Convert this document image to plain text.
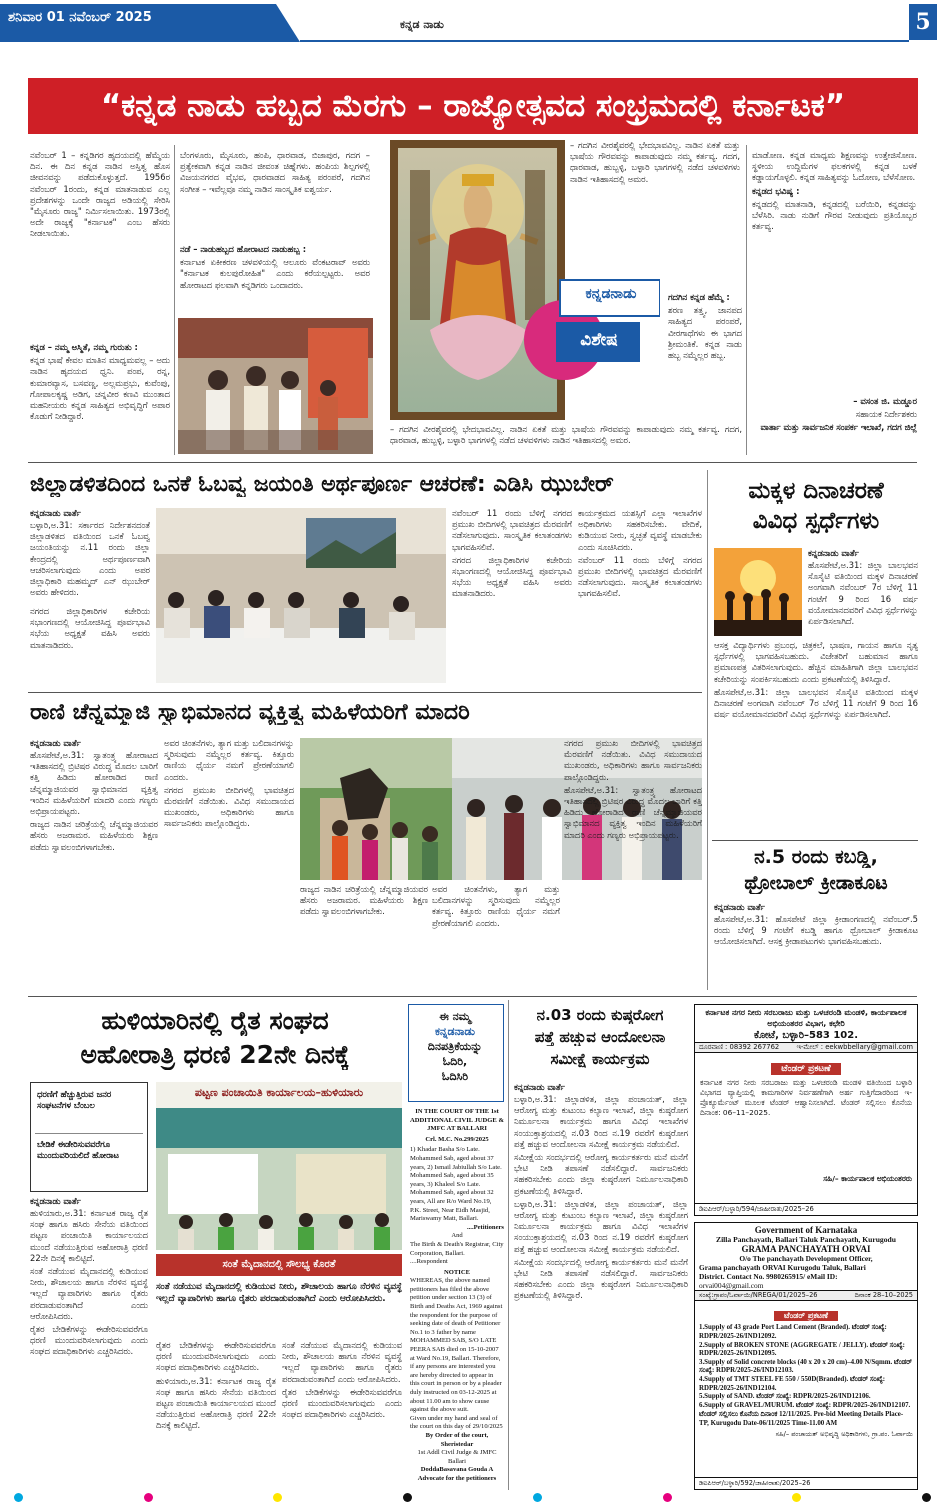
ಶನಿವಾರ 01 ನವೆಂಬರ್ 2025	ಕನ್ನಡ ನಾಡು	5
“ಕನ್ನಡ ನಾಡು ಹಬ್ಬದ ಮೆರಗು – ರಾಜ್ಯೋತ್ಸವದ ಸಂಭ್ರಮದಲ್ಲಿ ಕರ್ನಾಟಕ”

ನವೆಂಬರ್ 1 – ಕನ್ನಡಿಗರ ಹೃದಯದಲ್ಲಿ ಹೆಮ್ಮೆಯ ದಿನ. ಈ ದಿನ ಕನ್ನಡ ನಾಡಿನ ಅಸ್ತಿತ್ವ ಹೊಸ ಜೀವನವನ್ನು ಪಡೆದುಕೊಳ್ಳುತ್ತದೆ. 1956ರ ನವೆಂಬರ್ 1ರಂದು, ಕನ್ನಡ ಮಾತನಾಡುವ ಎಲ್ಲ ಪ್ರದೇಶಗಳನ್ನು ಒಂದೇ ರಾಜ್ಯದ ಅಡಿಯಲ್ಲಿ ಸೇರಿಸಿ "ಮೈಸೂರು ರಾಜ್ಯ" ನಿರ್ಮಿಸಲಾಯಿತು. 1973ರಲ್ಲಿ ಅದೇ ರಾಜ್ಯಕ್ಕೆ "ಕರ್ನಾಟಕ" ಎಂಬ ಹೆಸರು ನೀಡಲಾಯಿತು.

ಕನ್ನಡ – ನಮ್ಮ ಅಸ್ಮಿತೆ, ನಮ್ಮ ಗುರುತು :

ಕನ್ನಡ ಭಾಷೆ ಕೇವಲ ಮಾತಿನ ಮಾಧ್ಯಮವಲ್ಲ – ಅದು ನಾಡಿನ ಹೃದಯದ ಧ್ವನಿ. ಪಂಪ, ರನ್ನ, ಕುಮಾರವ್ಯಾಸ, ಬಸವಣ್ಣ, ಅಲ್ಲಮಪ್ರಭು, ಕುವೆಂಪು, ಗೋಪಾಲಕೃಷ್ಣ ಅಡಿಗ, ಚನ್ನವೀರ ಕಣವಿ ಮುಂತಾದ ಮಹನೀಯರು ಕನ್ನಡ ಸಾಹಿತ್ಯದ ಅಭಿವೃದ್ಧಿಗೆ ಅಪಾರ ಕೊಡುಗೆ ನೀಡಿದ್ದಾರೆ.

ಬೆಂಗಳೂರು, ಮೈಸೂರು, ಹಂಪಿ, ಧಾರವಾಡ, ಬಿಜಾಪುರ, ಗದಗ – ಪ್ರತ್ಯೇಕವಾಗಿ ಕನ್ನಡ ನಾಡಿನ ಜೀವಂತ ಚಿಹ್ನೆಗಳು. ಹಂಪಿಯ ಶಿಲ್ಪಗಳಲ್ಲಿ ವಿಜಯನಗರದ ವೈಭವ, ಧಾರವಾಡದ ಸಾಹಿತ್ಯ ಪರಂಪರೆ, ಗದಗಿನ ಸಂಗೀತ – ಇವೆಲ್ಲವೂ ನಮ್ಮ ನಾಡಿನ ಸಾಂಸ್ಕೃತಿಕ ಐಶ್ವರ್ಯ.

ನಡೆ – ನಾಡುಹಬ್ಬದ ಹೋರಾಟದ ನಾಡುಹಬ್ಬ :

ಕರ್ನಾಟಕ ಏಕೀಕರಣ ಚಳವಳಿಯಲ್ಲಿ ಆಲೂರು ವೆಂಕಟರಾವ್ ಅವರು "ಕರ್ನಾಟಕ ಕುಲಪುರೋಹಿತ" ಎಂದು ಕರೆಯಲ್ಪಟ್ಟರು. ಅವರ ಹೋರಾಟದ ಫಲವಾಗಿ ಕನ್ನಡಿಗರು ಒಂದಾದರು.

ಕನ್ನಡನಾಡು
ವಿಶೇಷ

– ಗದಗಿನ ವೀರಶೈವರಲ್ಲಿ ಭೇದಭಾವವಿಲ್ಲ. ನಾಡಿನ ಏಕತೆ ಮತ್ತು ಭಾಷೆಯ ಗೌರವವನ್ನು ಕಾಪಾಡುವುದು ನಮ್ಮ ಕರ್ತವ್ಯ. ಗದಗ, ಧಾರವಾಡ, ಹುಬ್ಬಳ್ಳಿ, ಬಳ್ಳಾರಿ ಭಾಗಗಳಲ್ಲಿ ನಡೆದ ಚಳವಳಿಗಳು ನಾಡಿನ ಇತಿಹಾಸದಲ್ಲಿ ಅಮರ.

ಗದಗಿನ ಕನ್ನಡ ಹೆಮ್ಮೆ :

ಶರಣ ತತ್ತ್ವ, ಜಾನಪದ ಸಾಹಿತ್ಯದ ಪರಂಪರೆ, ವೀರಗಾಥೆಗಳು ಈ ಭಾಗದ ಶ್ರೀಮಂತಿಕೆ. ಕನ್ನಡ ನಾಡು ಹಬ್ಬ ನಮ್ಮೆಲ್ಲರ ಹಬ್ಬ.

– ಗದಗಿನ ವೀರಶೈವರಲ್ಲಿ ಭೇದಭಾವವಿಲ್ಲ. ನಾಡಿನ ಏಕತೆ ಮತ್ತು ಭಾಷೆಯ ಗೌರವವನ್ನು ಕಾಪಾಡುವುದು ನಮ್ಮ ಕರ್ತವ್ಯ. ಗದಗ, ಧಾರವಾಡ, ಹುಬ್ಬಳ್ಳಿ, ಬಳ್ಳಾರಿ ಭಾಗಗಳಲ್ಲಿ ನಡೆದ ಚಳವಳಿಗಳು ನಾಡಿನ ಇತಿಹಾಸದಲ್ಲಿ ಅಮರ.

ಮಾಡೋಣ. ಕನ್ನಡ ಮಾಧ್ಯಮ ಶಿಕ್ಷಣವನ್ನು ಉತ್ತೇಜಿಸೋಣ. ಸ್ಥಳೀಯ ಉದ್ದಿಮೆಗಳ ಫಲಕಗಳಲ್ಲಿ ಕನ್ನಡ ಬಳಕೆ ಕಡ್ಡಾಯಗೊಳ್ಳಲಿ. ಕನ್ನಡ ಸಾಹಿತ್ಯವನ್ನು ಓದೋಣ, ಬೆಳೆಸೋಣ.

ಕನ್ನಡದ ಭವಿಷ್ಯ :

ಕನ್ನಡದಲ್ಲಿ ಮಾತನಾಡಿ, ಕನ್ನಡದಲ್ಲಿ ಬರೆಯಿರಿ, ಕನ್ನಡವನ್ನು ಬೆಳೆಸಿರಿ. ನಾಡು ನುಡಿಗೆ ಗೌರವ ನೀಡುವುದು ಪ್ರತಿಯೊಬ್ಬರ ಕರ್ತವ್ಯ.

– ವಸಂತ ಜಿ. ಮಡ್ಡೂರ

ಸಹಾಯಕ ನಿರ್ದೇಶಕರು

ವಾರ್ತಾ ಮತ್ತು ಸಾರ್ವಜನಿಕ ಸಂಪರ್ಕ ಇಲಾಖೆ, ಗದಗ ಜಿಲ್ಲೆ

ಜಿಲ್ಲಾಡಳಿತದಿಂದ ಒನಕೆ ಓಬವ್ವ ಜಯಂತಿ ಅರ್ಥಪೂರ್ಣ ಆಚರಣೆ: ಎಡಿಸಿ ಝುಬೇರ್
ಕನ್ನಡನಾಡು ವಾರ್ತೆ

ಬಳ್ಳಾರಿ,ಅ.31: ಸರ್ಕಾರದ ನಿರ್ದೇಶನದಂತೆ ಜಿಲ್ಲಾಡಳಿತದ ವತಿಯಿಂದ ಒನಕೆ ಓಬವ್ವ ಜಯಂತಿಯನ್ನು ನ.11 ರಂದು ಜಿಲ್ಲಾ ಕೇಂದ್ರದಲ್ಲಿ ಅರ್ಥಪೂರ್ಣವಾಗಿ ಆಚರಿಸಲಾಗುವುದು ಎಂದು ಅಪರ ಜಿಲ್ಲಾಧಿಕಾರಿ ಮಹಮ್ಮದ್ ಎನ್ ಝುಬೇರ್ ಅವರು ಹೇಳಿದರು.

ನಗರದ ಜಿಲ್ಲಾಧಿಕಾರಿಗಳ ಕಚೇರಿಯ ಸಭಾಂಗಣದಲ್ಲಿ ಆಯೋಜಿಸಿದ್ದ ಪೂರ್ವಭಾವಿ ಸಭೆಯ ಅಧ್ಯಕ್ಷತೆ ವಹಿಸಿ ಅವರು ಮಾತನಾಡಿದರು.

ನವೆಂಬರ್ 11 ರಂದು ಬೆಳಿಗ್ಗೆ ನಗರದ ಪ್ರಮುಖ ಬೀದಿಗಳಲ್ಲಿ ಭಾವಚಿತ್ರದ ಮೆರವಣಿಗೆ ನಡೆಸಲಾಗುವುದು. ಸಾಂಸ್ಕೃತಿಕ ಕಲಾತಂಡಗಳು ಭಾಗವಹಿಸಲಿವೆ.

ನಗರದ ಜಿಲ್ಲಾಧಿಕಾರಿಗಳ ಕಚೇರಿಯ ಸಭಾಂಗಣದಲ್ಲಿ ಆಯೋಜಿಸಿದ್ದ ಪೂರ್ವಭಾವಿ ಸಭೆಯ ಅಧ್ಯಕ್ಷತೆ ವಹಿಸಿ ಅವರು ಮಾತನಾಡಿದರು.

ಕಾರ್ಯಕ್ರಮದ ಯಶಸ್ಸಿಗೆ ಎಲ್ಲಾ ಇಲಾಖೆಗಳ ಅಧಿಕಾರಿಗಳು ಸಹಕರಿಸಬೇಕು. ವೇದಿಕೆ, ಕುಡಿಯುವ ನೀರು, ಸ್ವಚ್ಛತೆ ವ್ಯವಸ್ಥೆ ಮಾಡಬೇಕು ಎಂದು ಸೂಚಿಸಿದರು.

ನವೆಂಬರ್ 11 ರಂದು ಬೆಳಿಗ್ಗೆ ನಗರದ ಪ್ರಮುಖ ಬೀದಿಗಳಲ್ಲಿ ಭಾವಚಿತ್ರದ ಮೆರವಣಿಗೆ ನಡೆಸಲಾಗುವುದು. ಸಾಂಸ್ಕೃತಿಕ ಕಲಾತಂಡಗಳು ಭಾಗವಹಿಸಲಿವೆ.

ಮಕ್ಕಳ ದಿನಾಚರಣೆ
ವಿವಿಧ ಸ್ಪರ್ಧೆಗಳು
ಕನ್ನಡನಾಡು ವಾರ್ತೆ

ಹೊಸಪೇಟೆ,ಅ.31: ಜಿಲ್ಲಾ ಬಾಲಭವನ ಸೊಸೈಟಿ ವತಿಯಿಂದ ಮಕ್ಕಳ ದಿನಾಚರಣೆ ಅಂಗವಾಗಿ ನವೆಂಬರ್ 7ರ ಬೆಳಿಗ್ಗೆ 11 ಗಂಟೆಗೆ 9 ರಿಂದ 16 ವರ್ಷ ವಯೋಮಾನದವರಿಗೆ ವಿವಿಧ ಸ್ಪರ್ಧೆಗಳನ್ನು ಏರ್ಪಡಿಸಲಾಗಿದೆ.

ಆಸಕ್ತ ವಿದ್ಯಾರ್ಥಿಗಳು ಪ್ರಬಂಧ, ಚಿತ್ರಕಲೆ, ಭಾಷಣ, ಗಾಯನ ಹಾಗೂ ನೃತ್ಯ ಸ್ಪರ್ಧೆಗಳಲ್ಲಿ ಭಾಗವಹಿಸಬಹುದು. ವಿಜೇತರಿಗೆ ಬಹುಮಾನ ಹಾಗೂ ಪ್ರಮಾಣಪತ್ರ ವಿತರಿಸಲಾಗುವುದು. ಹೆಚ್ಚಿನ ಮಾಹಿತಿಗಾಗಿ ಜಿಲ್ಲಾ ಬಾಲಭವನ ಕಚೇರಿಯನ್ನು ಸಂಪರ್ಕಿಸಬಹುದು ಎಂದು ಪ್ರಕಟಣೆಯಲ್ಲಿ ತಿಳಿಸಿದ್ದಾರೆ.

ಹೊಸಪೇಟೆ,ಅ.31: ಜಿಲ್ಲಾ ಬಾಲಭವನ ಸೊಸೈಟಿ ವತಿಯಿಂದ ಮಕ್ಕಳ ದಿನಾಚರಣೆ ಅಂಗವಾಗಿ ನವೆಂಬರ್ 7ರ ಬೆಳಿಗ್ಗೆ 11 ಗಂಟೆಗೆ 9 ರಿಂದ 16 ವರ್ಷ ವಯೋಮಾನದವರಿಗೆ ವಿವಿಧ ಸ್ಪರ್ಧೆಗಳನ್ನು ಏರ್ಪಡಿಸಲಾಗಿದೆ.

ನ.5 ರಂದು ಕಬಡ್ಡಿ,
ಥ್ರೋಬಾಲ್ ಕ್ರೀಡಾಕೂಟ
ಕನ್ನಡನಾಡು ವಾರ್ತೆ

ಹೊಸಪೇಟೆ,ಅ.31: ಹೊಸಪೇಟೆ ಜಿಲ್ಲಾ ಕ್ರೀಡಾಂಗಣದಲ್ಲಿ ನವೆಂಬರ್.5 ರಂದು ಬೆಳಿಗ್ಗೆ 9 ಗಂಟೆಗೆ ಕಬಡ್ಡಿ ಹಾಗೂ ಥ್ರೋಬಾಲ್ ಕ್ರೀಡಾಕೂಟ ಆಯೋಜಿಸಲಾಗಿದೆ. ಆಸಕ್ತ ಕ್ರೀಡಾಪಟುಗಳು ಭಾಗವಹಿಸಬಹುದು.

ರಾಣಿ ಚೆನ್ನಮ್ಮಾಜಿ ಸ್ವಾಭಿಮಾನದ ವ್ಯಕ್ತಿತ್ವ ಮಹಿಳೆಯರಿಗೆ ಮಾದರಿ
ಕನ್ನಡನಾಡು ವಾರ್ತೆ

ಹೊಸಪೇಟೆ,ಅ.31: ಸ್ವಾತಂತ್ರ್ಯ ಹೋರಾಟದ ಇತಿಹಾಸದಲ್ಲಿ ಬ್ರಿಟಿಷರ ವಿರುದ್ಧ ಮೊದಲ ಬಾರಿಗೆ ಕತ್ತಿ ಹಿಡಿದು ಹೋರಾಡಿದ ರಾಣಿ ಚೆನ್ನಮ್ಮಾಜಿಯವರ ಸ್ವಾಭಿಮಾನದ ವ್ಯಕ್ತಿತ್ವ ಇಂದಿನ ಮಹಿಳೆಯರಿಗೆ ಮಾದರಿ ಎಂದು ಗಣ್ಯರು ಅಭಿಪ್ರಾಯಪಟ್ಟರು.

ರಾಜ್ಯದ ನಾಡಿನ ಚರಿತ್ರೆಯಲ್ಲಿ ಚೆನ್ನಮ್ಮಾಜಿಯವರ ಹೆಸರು ಅಜರಾಮರ. ಮಹಿಳೆಯರು ಶಿಕ್ಷಣ ಪಡೆದು ಸ್ವಾವಲಂಬಿಗಳಾಗಬೇಕು.

ಅವರ ಚಿಂತನೆಗಳು, ತ್ಯಾಗ ಮತ್ತು ಬಲಿದಾನಗಳನ್ನು ಸ್ಮರಿಸುವುದು ನಮ್ಮೆಲ್ಲರ ಕರ್ತವ್ಯ. ಕಿತ್ತೂರು ರಾಣಿಯ ಧೈರ್ಯ ನಮಗೆ ಪ್ರೇರಣೆಯಾಗಲಿ ಎಂದರು.

ನಗರದ ಪ್ರಮುಖ ಬೀದಿಗಳಲ್ಲಿ ಭಾವಚಿತ್ರದ ಮೆರವಣಿಗೆ ನಡೆಯಿತು. ವಿವಿಧ ಸಮುದಾಯದ ಮುಖಂಡರು, ಅಧಿಕಾರಿಗಳು ಹಾಗೂ ಸಾರ್ವಜನಿಕರು ಪಾಲ್ಗೊಂಡಿದ್ದರು.

ರಾಜ್ಯದ ನಾಡಿನ ಚರಿತ್ರೆಯಲ್ಲಿ ಚೆನ್ನಮ್ಮಾಜಿಯವರ ಹೆಸರು ಅಜರಾಮರ. ಮಹಿಳೆಯರು ಶಿಕ್ಷಣ ಪಡೆದು ಸ್ವಾವಲಂಬಿಗಳಾಗಬೇಕು.

ಅವರ ಚಿಂತನೆಗಳು, ತ್ಯಾಗ ಮತ್ತು ಬಲಿದಾನಗಳನ್ನು ಸ್ಮರಿಸುವುದು ನಮ್ಮೆಲ್ಲರ ಕರ್ತವ್ಯ. ಕಿತ್ತೂರು ರಾಣಿಯ ಧೈರ್ಯ ನಮಗೆ ಪ್ರೇರಣೆಯಾಗಲಿ ಎಂದರು.

ನಗರದ ಪ್ರಮುಖ ಬೀದಿಗಳಲ್ಲಿ ಭಾವಚಿತ್ರದ ಮೆರವಣಿಗೆ ನಡೆಯಿತು. ವಿವಿಧ ಸಮುದಾಯದ ಮುಖಂಡರು, ಅಧಿಕಾರಿಗಳು ಹಾಗೂ ಸಾರ್ವಜನಿಕರು ಪಾಲ್ಗೊಂಡಿದ್ದರು.

ಹೊಸಪೇಟೆ,ಅ.31: ಸ್ವಾತಂತ್ರ್ಯ ಹೋರಾಟದ ಇತಿಹಾಸದಲ್ಲಿ ಬ್ರಿಟಿಷರ ವಿರುದ್ಧ ಮೊದಲ ಬಾರಿಗೆ ಕತ್ತಿ ಹಿಡಿದು ಹೋರಾಡಿದ ರಾಣಿ ಚೆನ್ನಮ್ಮಾಜಿಯವರ ಸ್ವಾಭಿಮಾನದ ವ್ಯಕ್ತಿತ್ವ ಇಂದಿನ ಮಹಿಳೆಯರಿಗೆ ಮಾದರಿ ಎಂದು ಗಣ್ಯರು ಅಭಿಪ್ರಾಯಪಟ್ಟರು.

ಹುಳಿಯಾರಿನಲ್ಲಿ ರೈತ ಸಂಘದ
ಅಹೋರಾತ್ರಿ ಧರಣಿ 22ನೇ ದಿನಕ್ಕೆ
ಧರಣಿಗೆ ಹೆಚ್ಚುತ್ತಿರುವ ಜನರ ಸಂಘಟನೆಗಳ ಬೆಂಬಲ
ಬೇಡಿಕೆ ಈಡೇರಿಸುವವರೆಗೂ ಮುಂದುವರಿಯಲಿದೆ ಹೋರಾಟ
ಪಟ್ಟಣ ಪಂಚಾಯಿತಿ ಕಾರ್ಯಾಲಯ–ಹುಳಿಯಾರು
ಕನ್ನಡನಾಡು ವಾರ್ತೆ

ಹುಳಿಯಾರು,ಅ.31: ಕರ್ನಾಟಕ ರಾಜ್ಯ ರೈತ ಸಂಘ ಹಾಗೂ ಹಸಿರು ಸೇನೆಯ ವತಿಯಿಂದ ಪಟ್ಟಣ ಪಂಚಾಯಿತಿ ಕಾರ್ಯಾಲಯದ ಮುಂದೆ ನಡೆಯುತ್ತಿರುವ ಅಹೋರಾತ್ರಿ ಧರಣಿ 22ನೇ ದಿನಕ್ಕೆ ಕಾಲಿಟ್ಟಿದೆ.

ಸಂತೆ ನಡೆಯುವ ಮೈದಾನದಲ್ಲಿ ಕುಡಿಯುವ ನೀರು, ಶೌಚಾಲಯ ಹಾಗೂ ನೆರಳಿನ ವ್ಯವಸ್ಥೆ ಇಲ್ಲದೆ ವ್ಯಾಪಾರಿಗಳು ಹಾಗೂ ರೈತರು ಪರದಾಡುವಂತಾಗಿದೆ ಎಂದು ಆರೋಪಿಸಿದರು.

ರೈತರ ಬೇಡಿಕೆಗಳನ್ನು ಈಡೇರಿಸುವವರೆಗೂ ಧರಣಿ ಮುಂದುವರಿಸಲಾಗುವುದು ಎಂದು ಸಂಘದ ಪದಾಧಿಕಾರಿಗಳು ಎಚ್ಚರಿಸಿದರು.

ಸಂತೆ ಮೈದಾನದಲ್ಲಿ ಸೌಲಭ್ಯ ಕೊರತೆ
ಸಂತೆ ನಡೆಯುವ ಮೈದಾನದಲ್ಲಿ ಕುಡಿಯುವ ನೀರು, ಶೌಚಾಲಯ ಹಾಗೂ ನೆರಳಿನ ವ್ಯವಸ್ಥೆ ಇಲ್ಲದೆ ವ್ಯಾಪಾರಿಗಳು ಹಾಗೂ ರೈತರು ಪರದಾಡುವಂತಾಗಿದೆ ಎಂದು ಆರೋಪಿಸಿದರು.

ರೈತರ ಬೇಡಿಕೆಗಳನ್ನು ಈಡೇರಿಸುವವರೆಗೂ ಧರಣಿ ಮುಂದುವರಿಸಲಾಗುವುದು ಎಂದು ಸಂಘದ ಪದಾಧಿಕಾರಿಗಳು ಎಚ್ಚರಿಸಿದರು.

ಹುಳಿಯಾರು,ಅ.31: ಕರ್ನಾಟಕ ರಾಜ್ಯ ರೈತ ಸಂಘ ಹಾಗೂ ಹಸಿರು ಸೇನೆಯ ವತಿಯಿಂದ ಪಟ್ಟಣ ಪಂಚಾಯಿತಿ ಕಾರ್ಯಾಲಯದ ಮುಂದೆ ನಡೆಯುತ್ತಿರುವ ಅಹೋರಾತ್ರಿ ಧರಣಿ 22ನೇ ದಿನಕ್ಕೆ ಕಾಲಿಟ್ಟಿದೆ.

ಸಂತೆ ನಡೆಯುವ ಮೈದಾನದಲ್ಲಿ ಕುಡಿಯುವ ನೀರು, ಶೌಚಾಲಯ ಹಾಗೂ ನೆರಳಿನ ವ್ಯವಸ್ಥೆ ಇಲ್ಲದೆ ವ್ಯಾಪಾರಿಗಳು ಹಾಗೂ ರೈತರು ಪರದಾಡುವಂತಾಗಿದೆ ಎಂದು ಆರೋಪಿಸಿದರು.

ರೈತರ ಬೇಡಿಕೆಗಳನ್ನು ಈಡೇರಿಸುವವರೆಗೂ ಧರಣಿ ಮುಂದುವರಿಸಲಾಗುವುದು ಎಂದು ಸಂಘದ ಪದಾಧಿಕಾರಿಗಳು ಎಚ್ಚರಿಸಿದರು.

ಈ ನಮ್ಮ
ಕನ್ನಡನಾಡು
ದಿನಪತ್ರಿಕೆಯನ್ನು
ಓದಿರಿ,
ಓದಿಸಿರಿ
IN THE COURT OF THE 1st ADDITIONAL CIVIL JUDGE & JMFC AT BALLARI
Crl. M.C. No.299/2025
1) Khadar Basha S/o Late. Mohammed Sab, aged about 37 years, 2) Ismail Jabiullah S/o Late. Mohammed Sab, aged about 35 years, 3) Khaleel S/o Late. Mohammed Sab, aged about 32 years, All are R/o Ward No.19, P.K. Street, Near Eidh Masjid, Mariswamy Matt, Ballari.
....Petitioners
And
The Birth & Death's Registrar, City Corporation, Ballari. ....Respondent
NOTICE
WHEREAS, the above named petitioners has filed the above petition under section 13 (3) of Birth and Deaths Act, 1969 against the respondent for the purpose of seeking date of death of Petitioner No.1 to 3 father by name MOHAMMED SAB, S/O LATE PEERA SAB died on 15-10-2007 at Ward No.19, Ballari. Therefore, if any persons are interested you are hereby directed to appear in this court in person or by a pleader duly instructed on 03-12-2025 at about 11.00 am to show cause against the above suit.
Given under my hand and seal of the court on this day of 29/10/2025
By Order of the court,
Sheristedar
1st Addl Civil Judge & JMFC Ballari
DoddaBasavana Gouda A Advocate for the petitioners
ನ.03 ರಂದು ಕುಷ್ಠರೋಗ
ಪತ್ತೆ ಹಚ್ಚುವ ಆಂದೋಲನಾ
ಸಮೀಕ್ಷೆ ಕಾರ್ಯಕ್ರಮ
ಕನ್ನಡನಾಡು ವಾರ್ತೆ

ಬಳ್ಳಾರಿ,ಅ.31: ಜಿಲ್ಲಾಡಳಿತ, ಜಿಲ್ಲಾ ಪಂಚಾಯತ್, ಜಿಲ್ಲಾ ಆರೋಗ್ಯ ಮತ್ತು ಕುಟುಂಬ ಕಲ್ಯಾಣ ಇಲಾಖೆ, ಜಿಲ್ಲಾ ಕುಷ್ಠರೋಗ ನಿರ್ಮೂಲನಾ ಕಾರ್ಯಕ್ರಮ ಹಾಗೂ ವಿವಿಧ ಇಲಾಖೆಗಳ ಸಂಯುಕ್ತಾಶ್ರಯದಲ್ಲಿ ನ.03 ರಿಂದ ನ.19 ರವರೆಗೆ ಕುಷ್ಠರೋಗ ಪತ್ತೆ ಹಚ್ಚುವ ಆಂದೋಲನಾ ಸಮೀಕ್ಷೆ ಕಾರ್ಯಕ್ರಮ ನಡೆಯಲಿದೆ.

ಸಮೀಕ್ಷೆಯ ಸಂದರ್ಭದಲ್ಲಿ ಆರೋಗ್ಯ ಕಾರ್ಯಕರ್ತರು ಮನೆ ಮನೆಗೆ ಭೇಟಿ ನೀಡಿ ತಪಾಸಣೆ ನಡೆಸಲಿದ್ದಾರೆ. ಸಾರ್ವಜನಿಕರು ಸಹಕರಿಸಬೇಕು ಎಂದು ಜಿಲ್ಲಾ ಕುಷ್ಠರೋಗ ನಿರ್ಮೂಲನಾಧಿಕಾರಿ ಪ್ರಕಟಣೆಯಲ್ಲಿ ತಿಳಿಸಿದ್ದಾರೆ.

ಬಳ್ಳಾರಿ,ಅ.31: ಜಿಲ್ಲಾಡಳಿತ, ಜಿಲ್ಲಾ ಪಂಚಾಯತ್, ಜಿಲ್ಲಾ ಆರೋಗ್ಯ ಮತ್ತು ಕುಟುಂಬ ಕಲ್ಯಾಣ ಇಲಾಖೆ, ಜಿಲ್ಲಾ ಕುಷ್ಠರೋಗ ನಿರ್ಮೂಲನಾ ಕಾರ್ಯಕ್ರಮ ಹಾಗೂ ವಿವಿಧ ಇಲಾಖೆಗಳ ಸಂಯುಕ್ತಾಶ್ರಯದಲ್ಲಿ ನ.03 ರಿಂದ ನ.19 ರವರೆಗೆ ಕುಷ್ಠರೋಗ ಪತ್ತೆ ಹಚ್ಚುವ ಆಂದೋಲನಾ ಸಮೀಕ್ಷೆ ಕಾರ್ಯಕ್ರಮ ನಡೆಯಲಿದೆ.

ಸಮೀಕ್ಷೆಯ ಸಂದರ್ಭದಲ್ಲಿ ಆರೋಗ್ಯ ಕಾರ್ಯಕರ್ತರು ಮನೆ ಮನೆಗೆ ಭೇಟಿ ನೀಡಿ ತಪಾಸಣೆ ನಡೆಸಲಿದ್ದಾರೆ. ಸಾರ್ವಜನಿಕರು ಸಹಕರಿಸಬೇಕು ಎಂದು ಜಿಲ್ಲಾ ಕುಷ್ಠರೋಗ ನಿರ್ಮೂಲನಾಧಿಕಾರಿ ಪ್ರಕಟಣೆಯಲ್ಲಿ ತಿಳಿಸಿದ್ದಾರೆ.

ಕರ್ನಾಟಕ ನಗರ ನೀರು ಸರಬರಾಜು ಮತ್ತು ಒಳಚರಂಡಿ ಮಂಡಳಿ, ಕಾರ್ಯಪಾಲಕ ಅಭಿಯಂತರರ ವಿಭಾಗ, ಕಛೇರಿ
ಕೋಟೆ, ಬಳ್ಳಾರಿ–583 102.
ದೂರವಾಣಿ : 08392 267762	ಇ-ಮೇಲ್ : eekwbbellary@gmail.com
ಟೆಂಡರ್ ಪ್ರಕಟಣೆ
ಕರ್ನಾಟಕ ನಗರ ನೀರು ಸರಬರಾಜು ಮತ್ತು ಒಳಚರಂಡಿ ಮಂಡಳಿ ವತಿಯಿಂದ ಬಳ್ಳಾರಿ ವಿಭಾಗದ ವ್ಯಾಪ್ತಿಯಲ್ಲಿ ಕಾಮಗಾರಿಗಳ ನಿರ್ವಹಣೆಗಾಗಿ ಅರ್ಹ ಗುತ್ತಿಗೆದಾರರಿಂದ ಇ-ಪ್ರೊಕ್ಯೂರ್ಮೆಂಟ್ ಮೂಲಕ ಟೆಂಡರ್ ಆಹ್ವಾನಿಸಲಾಗಿದೆ. ಟೆಂಡರ್ ಸಲ್ಲಿಸಲು ಕೊನೆಯ ದಿನಾಂಕ: 06–11–2025.
ಸಹಿ/– ಕಾರ್ಯಪಾಲಕ ಅಭಿಯಂತರರು
ಡಿಐಪಿಆರ್/ಬಳ್ಳಾರಿ/594/ಜಾಹೀರಾತು/2025–26
Government of Karnataka
Zilla Panchayath, Ballari Taluk Panchayath, Kurugodu
GRAMA PANCHAYATH ORVAI
O/o The panchayath Development Officer,
Grama panchayath ORVAI Kurugodu Taluk, Ballari
District. Contact No. 9980265915/ eMail ID:
orvai004@gmail.com
ಸಂಖ್ಯೆ:ಗ್ರಾಪಂ/ಓರ್ವಾಯಿ/NREGA/01/2025–26	ದಿನಾಂಕ 28–10–2025
ಟೆಂಡರ್ ಪ್ರಕಟಣೆ
1.Supply of 43 grade Port Land Cement (Branded). ಟೆಂಡರ್ ಸಂಖ್ಯೆ: RDPR/2025-26/IND12092.
2.Supply of BROKEN STONE (AGGREGATE / JELLY). ಟೆಂಡರ್ ಸಂಖ್ಯೆ: RDPR/2025-26/IND12095.
3.Supply of Solid concrete blocks (40 x 20 x 20 cm)–4.00 N/Sqmm. ಟೆಂಡರ್ ಸಂಖ್ಯೆ: RDPR/2025-26/IND12103.
4.Supply of TMT STEEL FE 550 / 550D(Branded). ಟೆಂಡರ್ ಸಂಖ್ಯೆ: RDPR/2025-26/IND12104.
5.Supply of SAND. ಟೆಂಡರ್ ಸಂಖ್ಯೆ: RDPR/2025-26/IND12106.
6.Supply of GRAVEL/MURUM. ಟೆಂಡರ್ ಸಂಖ್ಯೆ: RDPR/2025-26/IND12107.
ಟೆಂಡರ್ ಸಲ್ಲಿಸಲು ಕೊನೆಯ ದಿನಾಂಕ 12/11/2025. Pre-bid Meeting Details Place-TP, Kurugodu Date-06/11/2025 Time-11.00 AM
ಸಹಿ/– ಪಂಚಾಯತ್ ಅಭಿವೃದ್ಧಿ ಅಧಿಕಾರಿಗಳು, ಗ್ರಾ.ಪಂ. ಓರ್ವಾಯಿ
ಡಿಐಪಿಆರ್/ಬಳ್ಳಾರಿ/592/ಜಾಹೀರಾತು/2025–26
